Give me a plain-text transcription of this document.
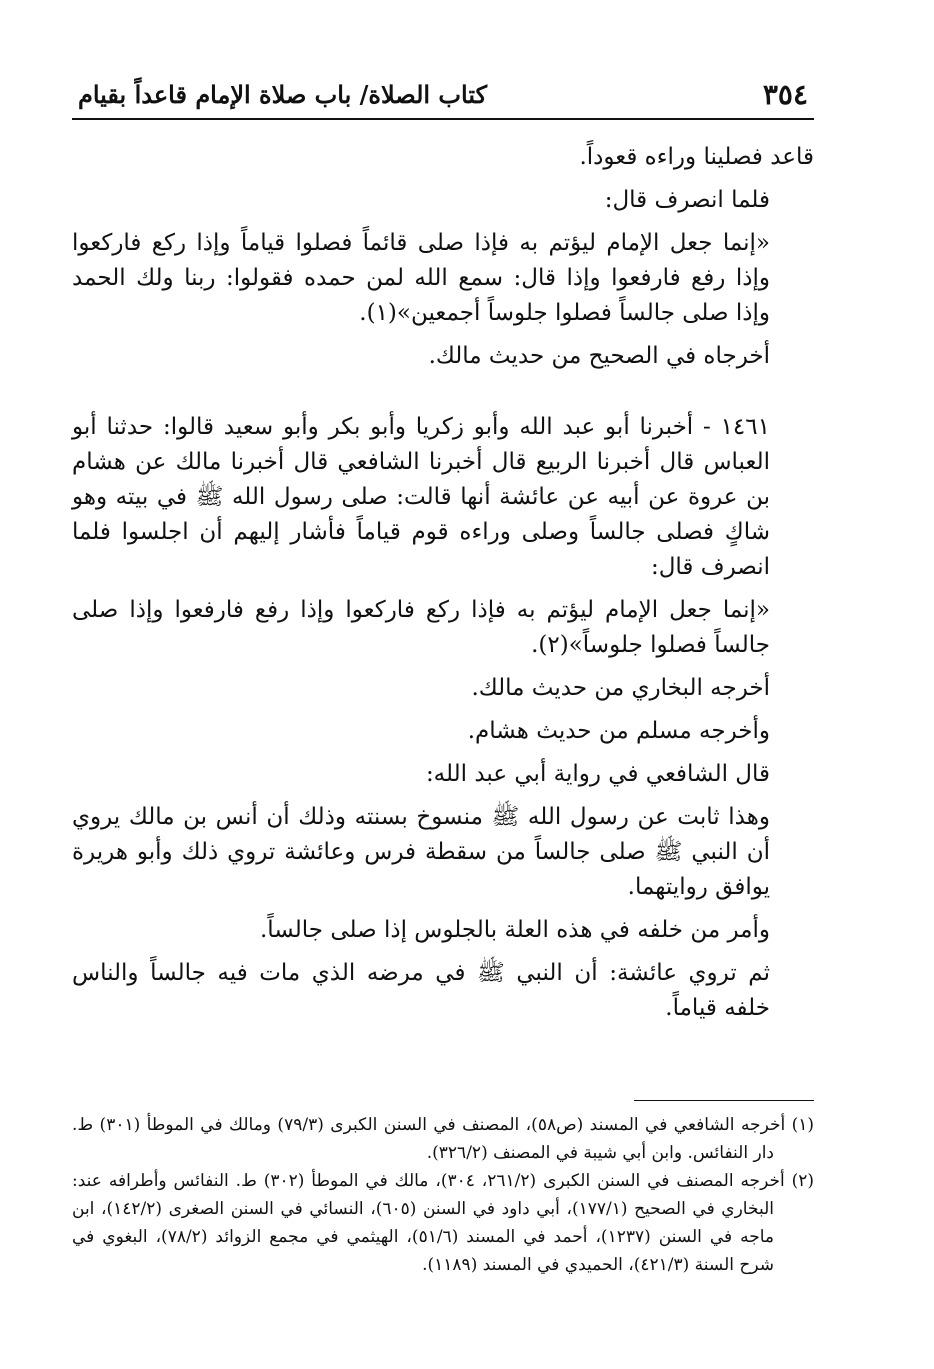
٣٥٤
كتاب الصلاة/ باب صلاة الإمام قاعداً بقيام

قاعد فصلينا وراءه قعوداً.

فلما انصرف قال:

«إنما جعل الإمام ليؤتم به فإذا صلى قائماً فصلوا قياماً وإذا ركع فاركعوا وإذا رفع فارفعوا وإذا قال: سمع الله لمن حمده فقولوا: ربنا ولك الحمد وإذا صلى جالساً فصلوا جلوساً أجمعين»(١).

أخرجاه في الصحيح من حديث مالك.

١٤٦١ - أخبرنا أبو عبد الله وأبو زكريا وأبو بكر وأبو سعيد قالوا: حدثنا أبو العباس قال أخبرنا الربيع قال أخبرنا الشافعي قال أخبرنا مالك عن هشام بن عروة عن أبيه عن عائشة أنها قالت: صلى رسول الله ﷺ في بيته وهو شاكٍ فصلى جالساً وصلى وراءه قوم قياماً فأشار إليهم أن اجلسوا فلما انصرف قال:

«إنما جعل الإمام ليؤتم به فإذا ركع فاركعوا وإذا رفع فارفعوا وإذا صلى جالساً فصلوا جلوساً»(٢).

أخرجه البخاري من حديث مالك.

وأخرجه مسلم من حديث هشام.

قال الشافعي في رواية أبي عبد الله:

وهذا ثابت عن رسول الله ﷺ منسوخ بسنته وذلك أن أنس بن مالك يروي أن النبي ﷺ صلى جالساً من سقطة فرس وعائشة تروي ذلك وأبو هريرة يوافق روايتهما.

وأمر من خلفه في هذه العلة بالجلوس إذا صلى جالساً.

ثم تروي عائشة: أن النبي ﷺ في مرضه الذي مات فيه جالساً والناس خلفه قياماً.

(١) أخرجه الشافعي في المسند (ص٥٨)، المصنف في السنن الكبرى (٧٩/٣) ومالك في الموطأ (٣٠١) ط. دار النفائس. وابن أبي شيبة في المصنف (٣٢٦/٢).

(٢) أخرجه المصنف في السنن الكبرى (٢٦١/٢، ٣٠٤)، مالك في الموطأ (٣٠٢) ط. النفائس وأطرافه عند: البخاري في الصحيح (١٧٧/١)، أبي داود في السنن (٦٠٥)، النسائي في السنن الصغرى (١٤٢/٢)، ابن ماجه في السنن (١٢٣٧)، أحمد في المسند (٥١/٦)، الهيثمي في مجمع الزوائد (٧٨/٢)، البغوي في شرح السنة (٤٢١/٣)، الحميدي في المسند (١١٨٩).
